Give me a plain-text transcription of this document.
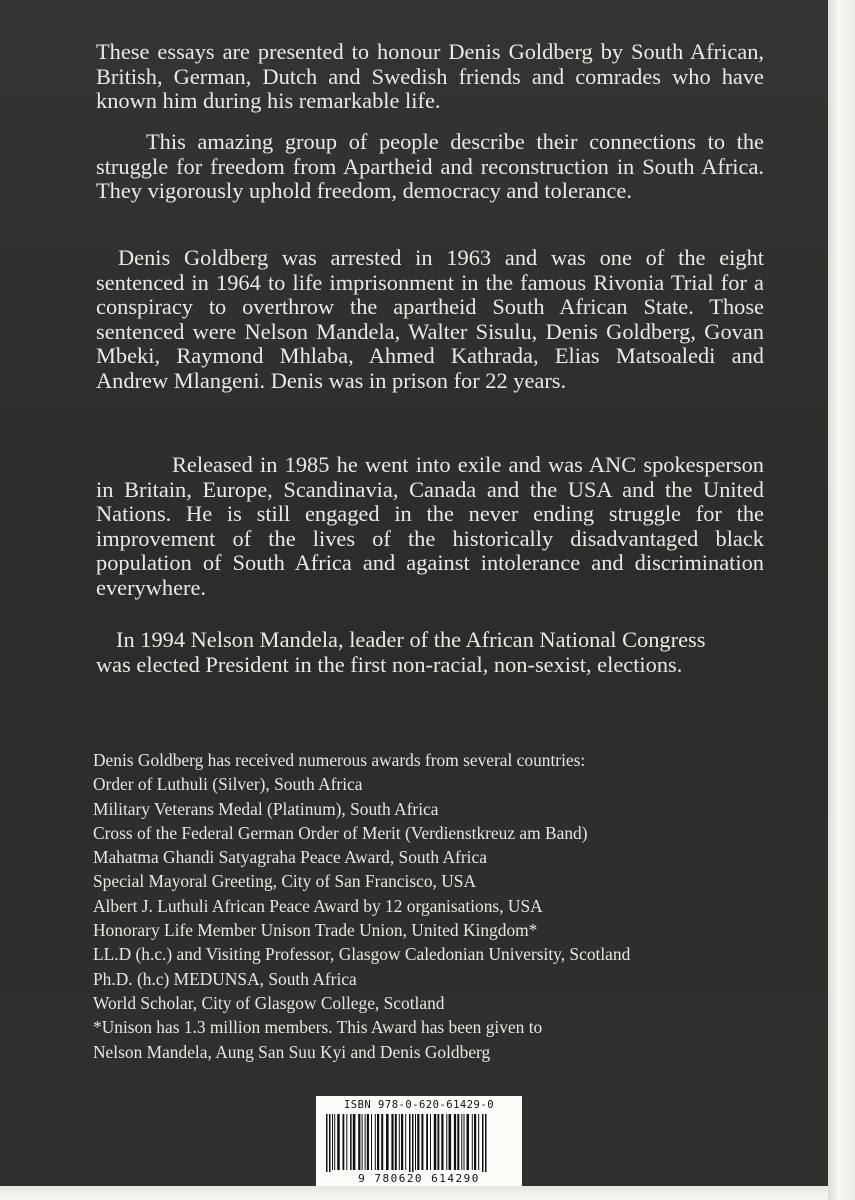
These essays are presented to honour Denis Goldberg by South African, British, German, Dutch and Swedish friends and comrades who have known him during his remarkable life.

This amazing group of people describe their connections to the struggle for freedom from Apartheid and reconstruction in South Africa. They vigorously uphold freedom, democracy and tolerance.

Denis Goldberg was arrested in 1963 and was one of the eight sentenced in 1964 to life imprisonment in the famous Rivonia Trial for a conspiracy to overthrow the apartheid South African State. Those sentenced were Nelson Mandela, Walter Sisulu, Denis Goldberg, Govan Mbeki, Raymond Mhlaba, Ahmed Kathrada, Elias Matsoaledi and Andrew Mlangeni. Denis was in prison for 22 years.

Released in 1985 he went into exile and was ANC spokesperson in Britain, Europe, Scandinavia, Canada and the USA and the United Nations. He is still engaged in the never ending struggle for the improvement of the lives of the historically disadvantaged black population of South Africa and against intolerance and discrimination everywhere.

In 1994 Nelson Mandela, leader of the African National Congress was elected President in the first non-racial, non-sexist, elections.

Denis Goldberg has received numerous awards from several countries:
Order of Luthuli (Silver), South Africa
Military Veterans Medal (Platinum), South Africa
Cross of the Federal German Order of Merit (Verdienstkreuz am Band)
Mahatma Ghandi Satyagraha Peace Award, South Africa
Special Mayoral Greeting, City of San Francisco, USA
Albert J. Luthuli African Peace Award by 12 organisations, USA
Honorary Life Member Unison Trade Union, United Kingdom*
LL.D (h.c.) and Visiting Professor, Glasgow Caledonian University, Scotland
Ph.D. (h.c) MEDUNSA, South Africa
World Scholar, City of Glasgow College, Scotland
*Unison has 1.3 million members. This Award has been given to
Nelson Mandela, Aung San Suu Kyi and Denis Goldberg
ISBN 978-0-620-61429-0
9 780620 614290
